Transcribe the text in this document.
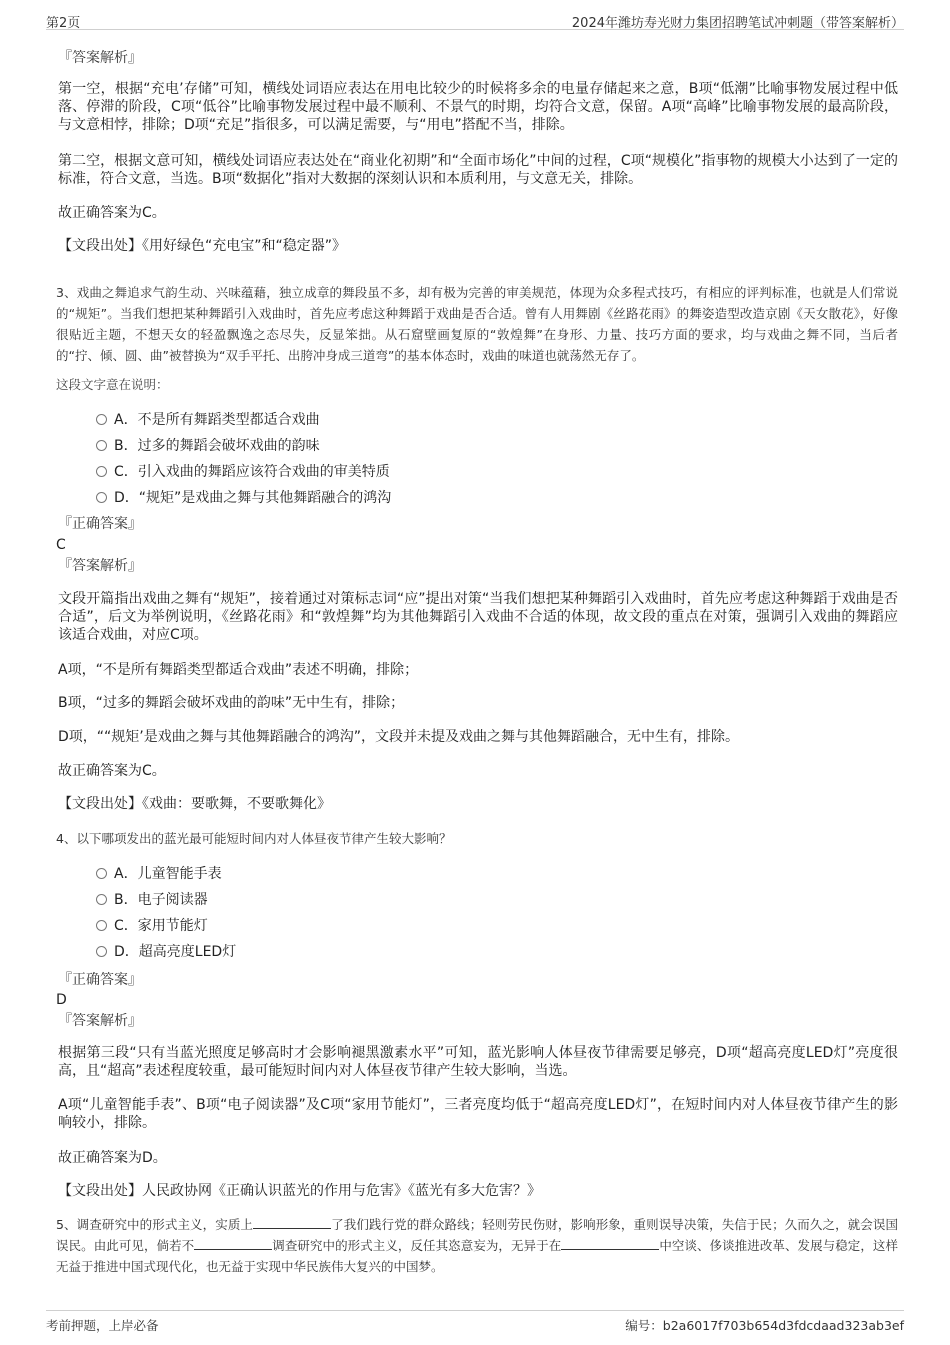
第2页	2024年潍坊寿光财力集团招聘笔试冲刺题（带答案解析）
『答案解析』
第一空，根据“充电’存储”可知，横线处词语应表达在用电比较少的时候将多余的电量存储起来之意，B项“低潮”比喻事物发展过程中低落、停滞的阶段，C项“低谷”比喻事物发展过程中最不顺利、不景气的时期，均符合文意，保留。A项“高峰”比喻事物发展的最高阶段，与文意相悖，排除；D项“充足”指很多，可以满足需要，与“用电”搭配不当，排除。
第二空，根据文意可知，横线处词语应表达处在“商业化初期”和“全面市场化”中间的过程，C项“规模化”指事物的规模大小达到了一定的标准，符合文意，当选。B项“数据化”指对大数据的深刻认识和本质利用，与文意无关，排除。
故正确答案为C。
【文段出处】《用好绿色“充电宝”和“稳定器”》
3、戏曲之舞追求气韵生动、兴味蕴藉，独立成章的舞段虽不多，却有极为完善的审美规范，体现为众多程式技巧，有相应的评判标准，也就是人们常说的“规矩”。当我们想把某种舞蹈引入戏曲时，首先应考虑这种舞蹈于戏曲是否合适。曾有人用舞剧《丝路花雨》的舞姿造型改造京剧《天女散花》，好像很贴近主题，不想天女的轻盈飘逸之态尽失，反显笨拙。从石窟壁画复原的“敦煌舞”在身形、力量、技巧方面的要求，均与戏曲之舞不同，当后者的“拧、倾、圆、曲”被替换为“双手平托、出胯冲身成三道弯”的基本体态时，戏曲的味道也就荡然无存了。
这段文字意在说明：
A．不是所有舞蹈类型都适合戏曲
B．过多的舞蹈会破坏戏曲的韵味
C．引入戏曲的舞蹈应该符合戏曲的审美特质
D．“规矩”是戏曲之舞与其他舞蹈融合的鸿沟
『正确答案』
C
『答案解析』
文段开篇指出戏曲之舞有“规矩”，接着通过对策标志词“应”提出对策“当我们想把某种舞蹈引入戏曲时，首先应考虑这种舞蹈于戏曲是否合适”，后文为举例说明，《丝路花雨》和“敦煌舞”均为其他舞蹈引入戏曲不合适的体现，故文段的重点在对策，强调引入戏曲的舞蹈应该适合戏曲，对应C项。
A项，“不是所有舞蹈类型都适合戏曲”表述不明确，排除；
B项，“过多的舞蹈会破坏戏曲的韵味”无中生有，排除；
D项，““规矩’是戏曲之舞与其他舞蹈融合的鸿沟”，文段并未提及戏曲之舞与其他舞蹈融合，无中生有，排除。
故正确答案为C。
【文段出处】《戏曲：要歌舞，不要歌舞化》
4、以下哪项发出的蓝光最可能短时间内对人体昼夜节律产生较大影响？
A．儿童智能手表
B．电子阅读器
C．家用节能灯
D．超高亮度LED灯
『正确答案』
D
『答案解析』
根据第三段“只有当蓝光照度足够高时才会影响褪黑激素水平”可知，蓝光影响人体昼夜节律需要足够亮，D项“超高亮度LED灯”亮度很高，且“超高”表述程度较重，最可能短时间内对人体昼夜节律产生较大影响，当选。
A项“儿童智能手表”、B项“电子阅读器”及C项“家用节能灯”，三者亮度均低于“超高亮度LED灯”，在短时间内对人体昼夜节律产生的影响较小，排除。
故正确答案为D。
【文段出处】人民政协网《正确认识蓝光的作用与危害》《蓝光有多大危害？》
5、调查研究中的形式主义，实质上	了我们践行党的群众路线；轻则劳民伤财，影响形象，重则误导决策，失信于民；久而久之，就会误国误民。由此可见，倘若不	调查研究中的形式主义，反任其恣意妄为，无异于在	中空谈、侈谈推进改革、发展与稳定，这样无益于推进中国式现代化，也无益于实现中华民族伟大复兴的中国梦。
考前押题，上岸必备	编号：b2a6017f703b654d3fdcdaad323ab3ef
